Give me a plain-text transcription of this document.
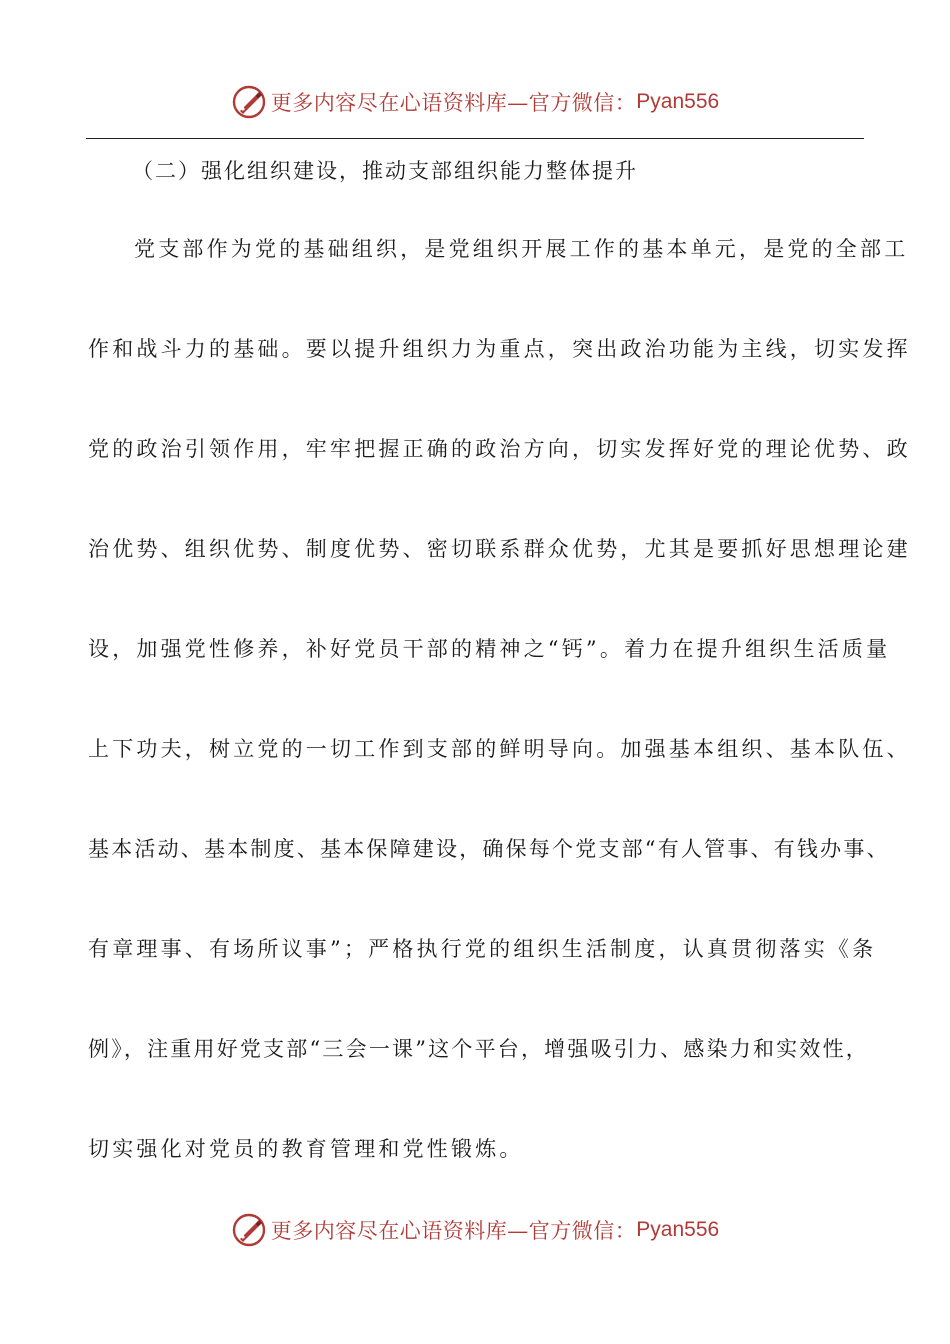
更多内容尽在心语资料库—官方微信： Pyan556
（二）强化组织建设，推动支部组织能力整体提升
党支部作为党的基础组织，是党组织开展工作的基本单元，是党的全部工
作和战斗力的基础。要以提升组织力为重点，突出政治功能为主线，切实发挥
党的政治引领作用，牢牢把握正确的政治方向，切实发挥好党的理论优势、政
治优势、组织优势、制度优势、密切联系群众优势，尤其是要抓好思想理论建
设，加强党性修养，补好党员干部的精神之“钙”。着力在提升组织生活质量
上下功夫，树立党的一切工作到支部的鲜明导向。加强基本组织、基本队伍、
基本活动、基本制度、基本保障建设，确保每个党支部“有人管事、有钱办事、
有章理事、有场所议事”；严格执行党的组织生活制度，认真贯彻落实《条
例》，注重用好党支部“三会一课”这个平台，增强吸引力、感染力和实效性，
切实强化对党员的教育管理和党性锻炼。
更多内容尽在心语资料库—官方微信： Pyan556
